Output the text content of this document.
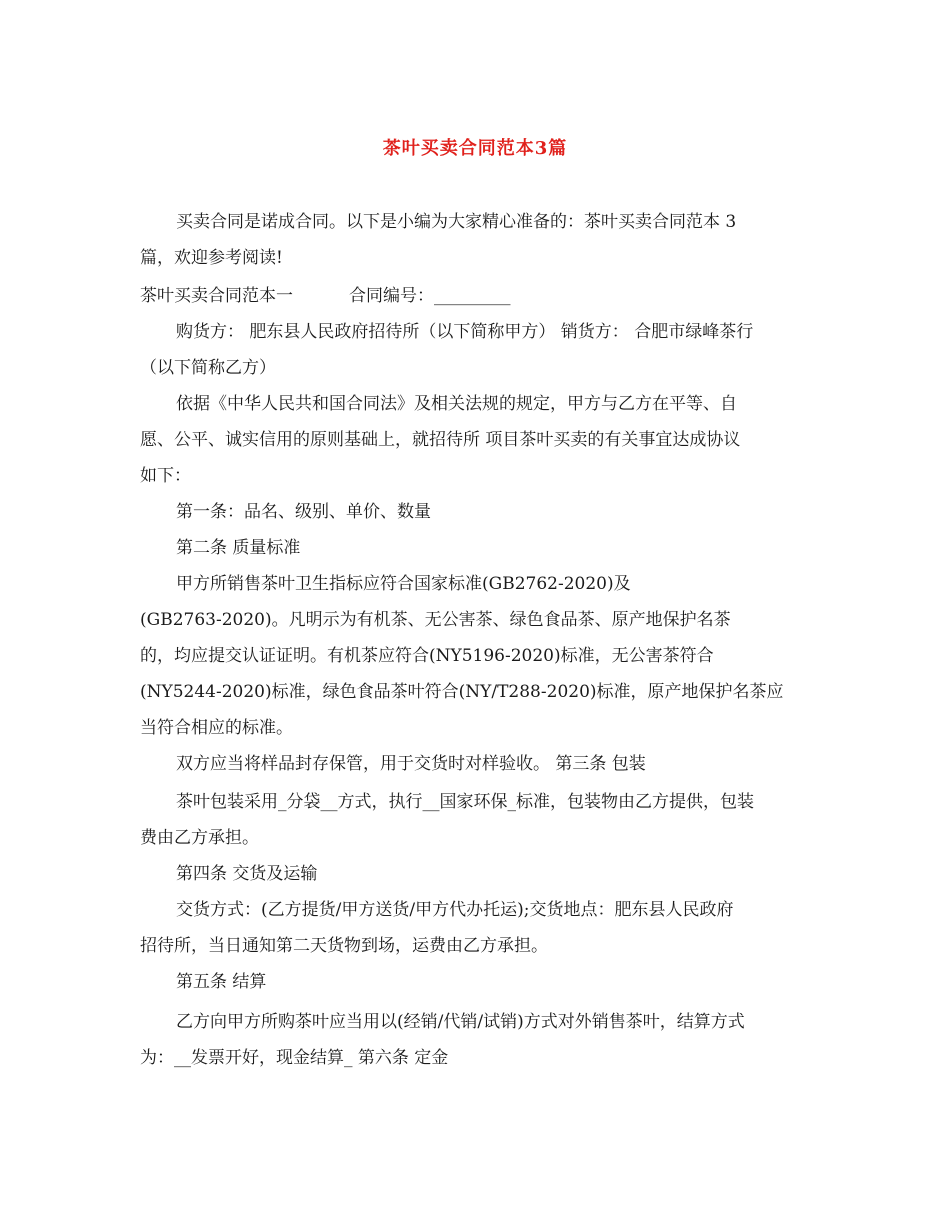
茶叶买卖合同范本3篇
买卖合同是诺成合同。以下是小编为大家精心准备的：茶叶买卖合同范本 3
篇，欢迎参考阅读!
茶叶买卖合同范本一	合同编号：_________
购货方： 肥东县人民政府招待所（以下简称甲方） 销货方： 合肥市绿峰茶行
（以下简称乙方）
依据《中华人民共和国合同法》及相关法规的规定，甲方与乙方在平等、自
愿、公平、诚实信用的原则基础上，就招待所 项目茶叶买卖的有关事宜达成协议
如下：
第一条：品名、级别、单价、数量
第二条 质量标准
甲方所销售茶叶卫生指标应符合国家标准(GB2762-2020)及
(GB2763-2020)。凡明示为有机茶、无公害茶、绿色食品茶、原产地保护名茶
的，均应提交认证证明。有机茶应符合(NY5196-2020)标准，无公害茶符合
(NY5244-2020)标准，绿色食品茶叶符合(NY/T288-2020)标准，原产地保护名茶应
当符合相应的标准。
双方应当将样品封存保管，用于交货时对样验收。 第三条 包装
茶叶包装采用_分袋__方式，执行__国家环保_标准，包装物由乙方提供，包装
费由乙方承担。
第四条 交货及运输
交货方式：(乙方提货/甲方送货/甲方代办托运);交货地点：肥东县人民政府
招待所，当日通知第二天货物到场，运费由乙方承担。
第五条 结算
乙方向甲方所购茶叶应当用以(经销/代销/试销)方式对外销售茶叶，结算方式
为：__发票开好，现金结算_ 第六条 定金
